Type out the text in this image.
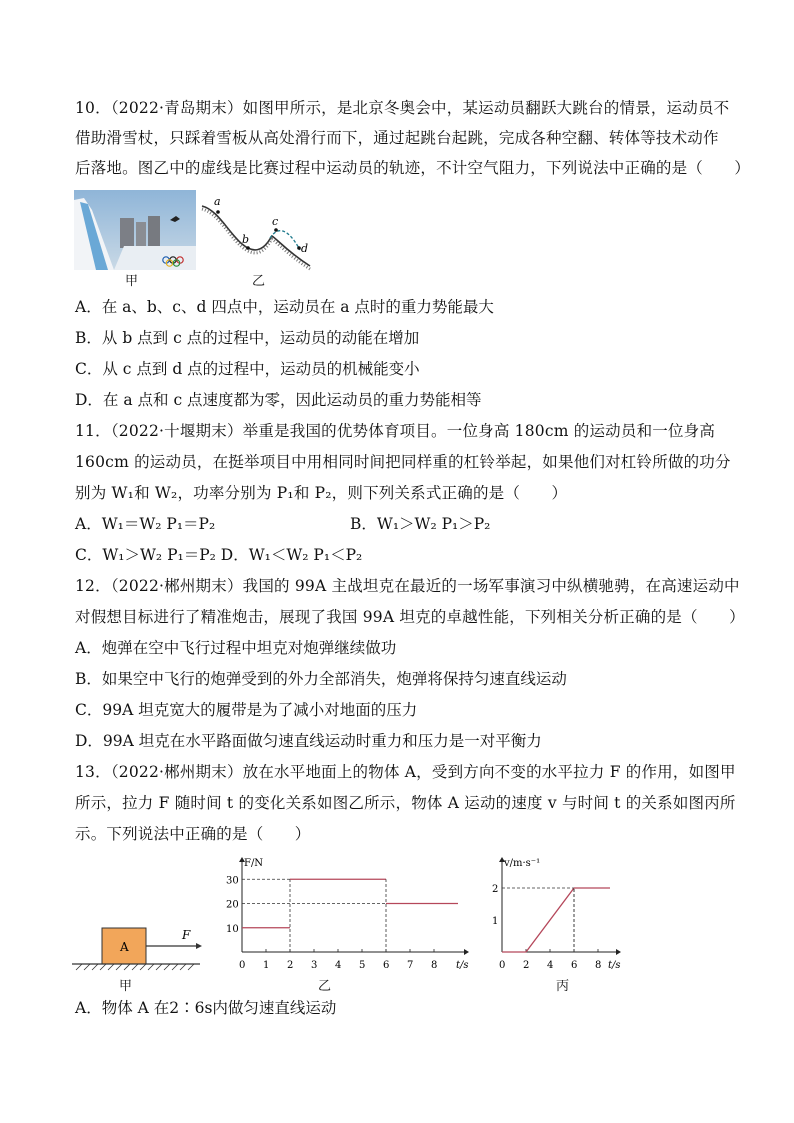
10．（2022·青岛期末）如图甲所示，是北京冬奥会中，某运动员翻跃大跳台的情景，运动员不
借助滑雪杖，只踩着雪板从高处滑行而下，通过起跳台起跳，完成各种空翻、转体等技术动作
后落地。图乙中的虚线是比赛过程中运动员的轨迹，不计空气阻力，下列说法中正确的是（　　）
甲
a
b
c
d
乙
A．在 a、b、c、d 四点中，运动员在 a 点时的重力势能最大
B．从 b 点到 c 点的过程中，运动员的动能在增加
C．从 c 点到 d 点的过程中，运动员的机械能变小
D．在 a 点和 c 点速度都为零，因此运动员的重力势能相等
11．（2022·十堰期末）举重是我国的优势体育项目。一位身高 180cm 的运动员和一位身高
160cm 的运动员，在挺举项目中用相同时间把同样重的杠铃举起，如果他们对杠铃所做的功分
别为 W₁和 W₂，功率分别为 P₁和 P₂，则下列关系式正确的是（　　）
A．W₁＝W₂ P₁＝P₂	B．W₁＞W₂ P₁＞P₂
C．W₁＞W₂ P₁＝P₂ D．W₁＜W₂ P₁＜P₂
12．（2022·郴州期末）我国的 99A 主战坦克在最近的一场军事演习中纵横驰骋，在高速运动中
对假想目标进行了精准炮击，展现了我国 99A 坦克的卓越性能，下列相关分析正确的是（　　）
A．炮弹在空中飞行过程中坦克对炮弹继续做功
B．如果空中飞行的炮弹受到的外力全部消失，炮弹将保持匀速直线运动
C．99A 坦克宽大的履带是为了减小对地面的压力
D．99A 坦克在水平路面做匀速直线运动时重力和压力是一对平衡力
13．（2022·郴州期末）放在水平地面上的物体 A，受到方向不变的水平拉力 F 的作用，如图甲
所示，拉力 F 随时间 t 的变化关系如图乙所示，物体 A 运动的速度 v 与时间 t 的关系如图丙所
示。下列说法中正确的是（　　）
A
F
甲
F/N
t/s
0 1 2 3 4 5 6 7 8
10
20
30
乙
v/m·s⁻¹
t/s
0 2 4 6 8
1
2
丙
A．物体 A 在2∶6s内做匀速直线运动
